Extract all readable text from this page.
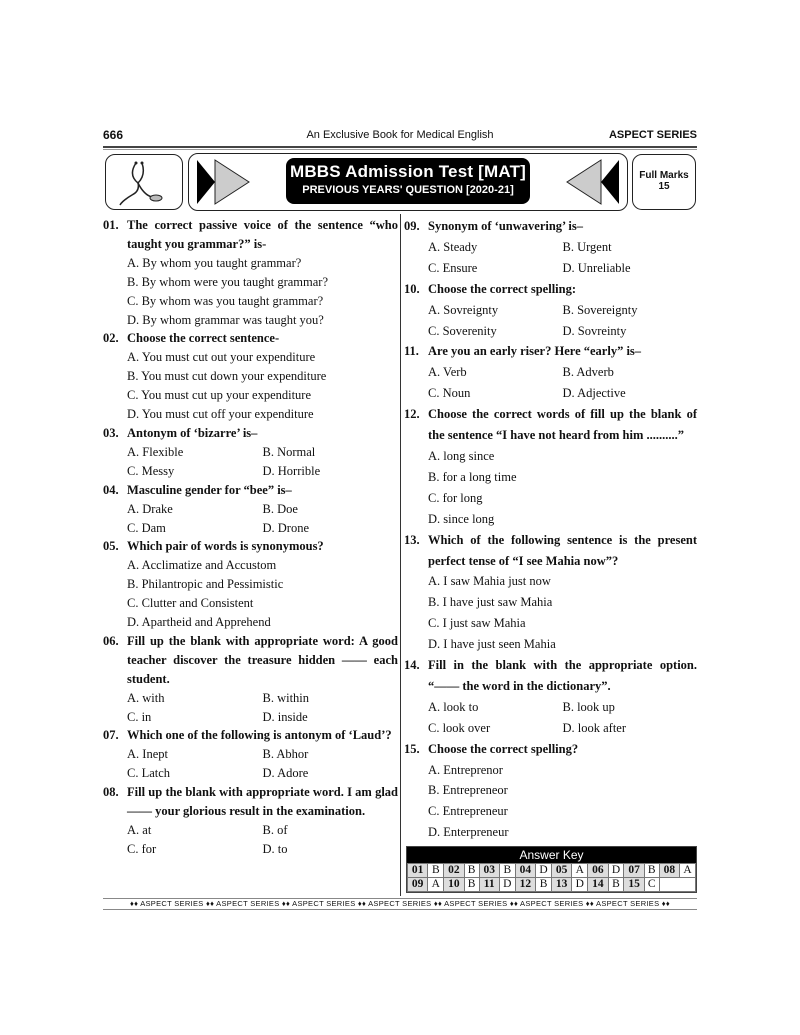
666	An Exclusive Book for Medical English	ASPECT SERIES
MBBS Admission Test [MAT]
PREVIOUS YEARS' QUESTION [2020-21]
Full Marks
15
01. The correct passive voice of the sentence “who taught you grammar?” is-
A. By whom you taught grammar?
B. By whom were you taught grammar?
C. By whom was you taught grammar?
D. By whom grammar was taught you?
02. Choose the correct sentence-
A. You must cut out your expenditure
B. You must cut down your expenditure
C. You must cut up your expenditure
D. You must cut off your expenditure
03. Antonym of ‘bizarre’ is–
A. Flexible	B. Normal
C. Messy	D. Horrible
04. Masculine gender for “bee” is–
A. Drake	B. Doe
C. Dam	D. Drone
05. Which pair of words is synonymous?
A. Acclimatize and Accustom
B. Philantropic and Pessimistic
C. Clutter and Consistent
D. Apartheid and Apprehend
06. Fill up the blank with appropriate word: A good teacher discover the treasure hidden —— each student.
A. with	B. within
C. in	D. inside
07. Which one of the following is antonym of ‘Laud’?
A. Inept	B. Abhor
C. Latch	D. Adore
08. Fill up the blank with appropriate word. I am glad —— your glorious result in the examination.
A. at	B. of
C. for	D. to
09. Synonym of ‘unwavering’ is–
A. Steady	B. Urgent
C. Ensure	D. Unreliable
10. Choose the correct spelling:
A. Sovreignty	B. Sovereignty
C. Soverenity	D. Sovreinty
11. Are you an early riser? Here “early” is–
A. Verb	B. Adverb
C. Noun	D. Adjective
12. Choose the correct words of fill up the blank of the sentence “I have not heard from him ..........”
A. long since
B. for a long time
C. for long
D. since long
13. Which of the following sentence is the present perfect tense of “I see Mahia now”?
A. I saw Mahia just now
B. I have just saw Mahia
C. I just saw Mahia
D. I have just seen Mahia
14. Fill in the blank with the appropriate option. “—— the word in the dictionary”.
A. look to	B. look up
C. look over	D. look after
15. Choose the correct spelling?
A. Entreprenor
B. Entrepreneor
C. Entrepreneur
D. Enterpreneur
Answer Key
01	B	02	B	03	B	04	D	05	A	06	D	07	B	08	A
09	A	10	B	11	D	12	B	13	D	14	B	15	C		
♦♦ ASPECT SERIES ♦♦ ASPECT SERIES ♦♦ ASPECT SERIES ♦♦ ASPECT SERIES ♦♦ ASPECT SERIES ♦♦ ASPECT SERIES ♦♦ ASPECT SERIES ♦♦
